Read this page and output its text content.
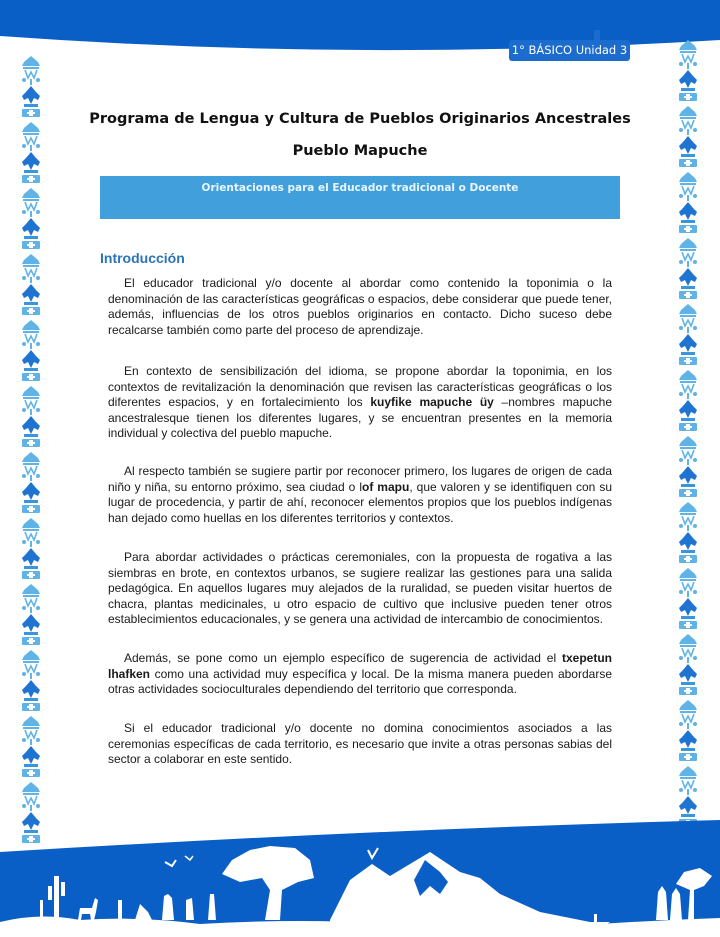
1° BÁSICO Unidad 3
Programa de Lengua y Cultura de Pueblos Originarios Ancestrales
Pueblo Mapuche
Orientaciones para el Educador tradicional o Docente
Introducción

El educador tradicional y/o docente al abordar como contenido la toponimia o la denominación de las características geográficas o espacios, debe considerar que puede tener, además, influencias de los otros pueblos originarios en contacto. Dicho suceso debe recalcarse también como parte del proceso de aprendizaje.

En contexto de sensibilización del idioma, se propone abordar la toponimia, en los contextos de revitalización la denominación que revisen las características geográficas o los diferentes espacios, y en fortalecimiento los kuyfike mapuche üy –nombres mapuche ancestralesque tienen los diferentes lugares, y se encuentran presentes en la memoria individual y colectiva del pueblo mapuche.

Al respecto también se sugiere partir por reconocer primero, los lugares de origen de cada niño y niña, su entorno próximo, sea ciudad o lof mapu, que valoren y se identifiquen con su lugar de procedencia, y partir de ahí, reconocer elementos propios que los pueblos indígenas han dejado como huellas en los diferentes territorios y contextos.

Para abordar actividades o prácticas ceremoniales, con la propuesta de rogativa a las siembras en brote, en contextos urbanos, se sugiere realizar las gestiones para una salida pedagógica. En aquellos lugares muy alejados de la ruralidad, se pueden visitar huertos de chacra, plantas medicinales, u otro espacio de cultivo que inclusive pueden tener otros establecimientos educacionales, y se genera una actividad de intercambio de conocimientos.

Además, se pone como un ejemplo específico de sugerencia de actividad el txepetun lhafken como una actividad muy específica y local. De la misma manera pueden abordarse otras actividades socioculturales dependiendo del territorio que corresponda.

Si el educador tradicional y/o docente no domina conocimientos asociados a las ceremonias específicas de cada territorio, es necesario que invite a otras personas sabias del sector a colaborar en este sentido.
